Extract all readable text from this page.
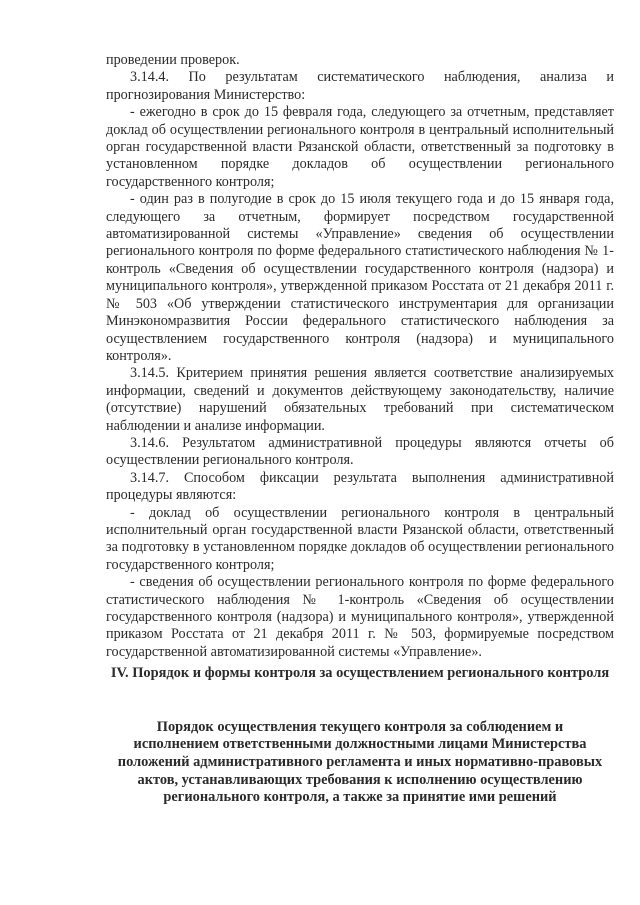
проведении проверок.

3.14.4. По результатам систематического наблюдения, анализа и прогнозирования Министерство:

- ежегодно в срок до 15 февраля года, следующего за отчетным, представляет доклад об осуществлении регионального контроля в центральный исполнительный орган государственной власти Рязанской области, ответственный за подготовку в установленном порядке докладов об осуществлении регионального государственного контроля;

- один раз в полугодие в срок до 15 июля текущего года и до 15 января года, следующего за отчетным, формирует посредством государственной автоматизированной системы «Управление» сведения об осуществлении регионального контроля по форме федерального статистического наблюдения № 1-контроль «Сведения об осуществлении государственного контроля (надзора) и муниципального контроля», утвержденной приказом Росстата от 21 декабря 2011 г. № 503 «Об утверждении статистического инструментария для организации Минэкономразвития России федерального статистического наблюдения за осуществлением государственного контроля (надзора) и муниципального контроля».

3.14.5. Критерием принятия решения является соответствие анализируемых информации, сведений и документов действующему законодательству, наличие (отсутствие) нарушений обязательных требований при систематическом наблюдении и анализе информации.

3.14.6. Результатом административной процедуры являются отчеты об осуществлении регионального контроля.

3.14.7. Способом фиксации результата выполнения административной процедуры являются:

- доклад об осуществлении регионального контроля в центральный исполнительный орган государственной власти Рязанской области, ответственный за подготовку в установленном порядке докладов об осуществлении регионального государственного контроля;

- сведения об осуществлении регионального контроля по форме федерального статистического наблюдения № 1-контроль «Сведения об осуществлении государственного контроля (надзора) и муниципального контроля», утвержденной приказом Росстата от 21 декабря 2011 г. № 503, формируемые посредством государственной автоматизированной системы «Управление».

IV. Порядок и формы контроля за осуществлением регионального контроля
Порядок осуществления текущего контроля за соблюдением и исполнением ответственными должностными лицами Министерства положений административного регламента и иных нормативно-правовых актов, устанавливающих требования к исполнению осуществлению регионального контроля, а также за принятие ими решений
